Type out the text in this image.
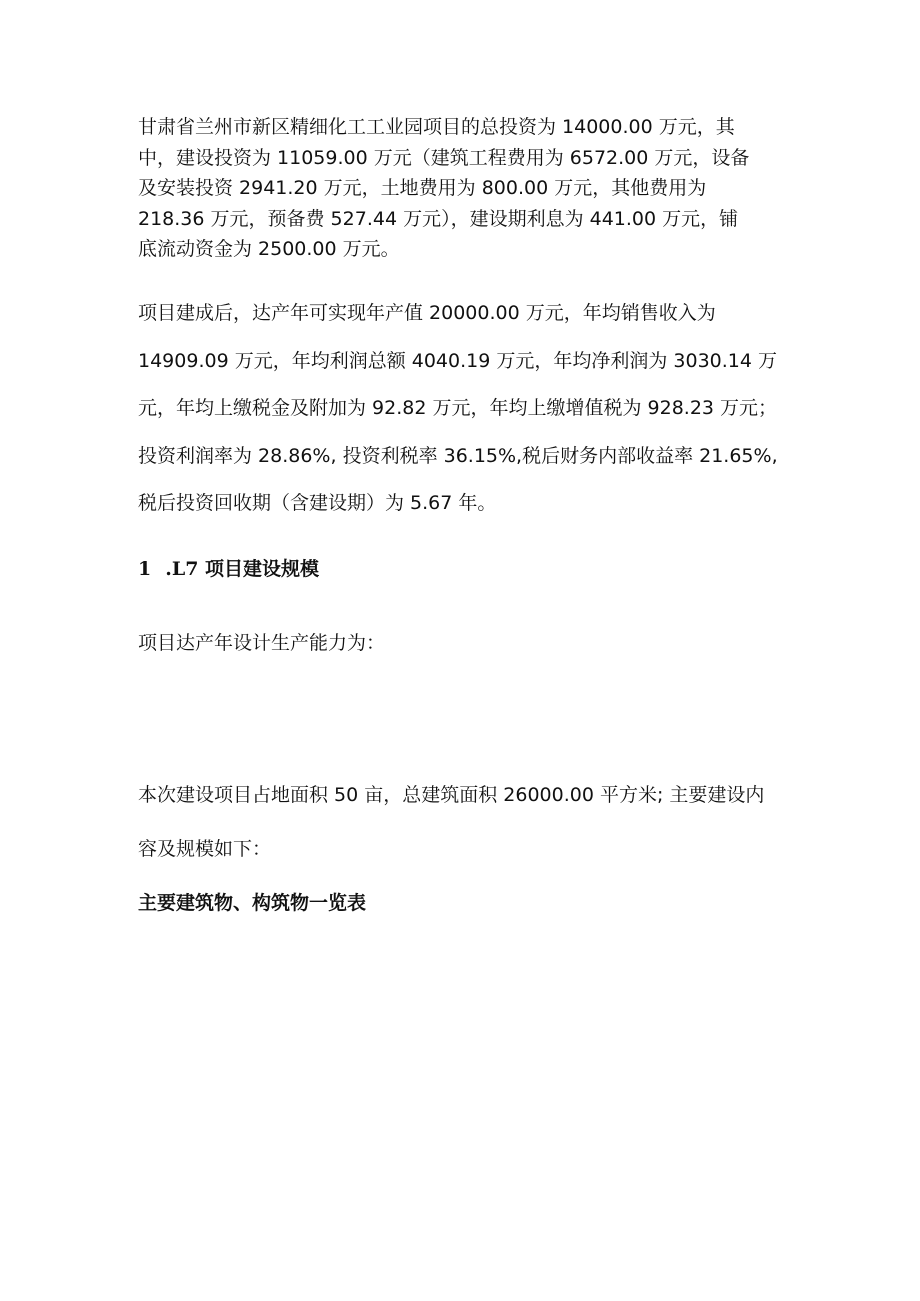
甘肃省兰州市新区精细化工工业园项目的总投资为 14000.00 万元，其
中，建设投资为 11059.00 万元（建筑工程费用为 6572.00 万元，设备
及安装投资 2941.20 万元，土地费用为 800.00 万元，其他费用为
218.36 万元，预备费 527.44 万元），建设期利息为 441.00 万元，铺
底流动资金为 2500.00 万元。
项目建成后，达产年可实现年产值 20000.00 万元，年均销售收入为
14909.09 万元，年均利润总额 4040.19 万元，年均净利润为 3030.14 万
元，年均上缴税金及附加为 92.82 万元，年均上缴增值税为 928.23 万元；
投资利润率为 28.86%, 投资利税率 36.15%,税后财务内部收益率 21.65%,
税后投资回收期（含建设期）为 5.67 年。
1 .L7 项目建设规模
项目达产年设计生产能力为：
本次建设项目占地面积 50 亩，总建筑面积 26000.00 平方米; 主要建设内
容及规模如下：
主要建筑物、构筑物一览表
